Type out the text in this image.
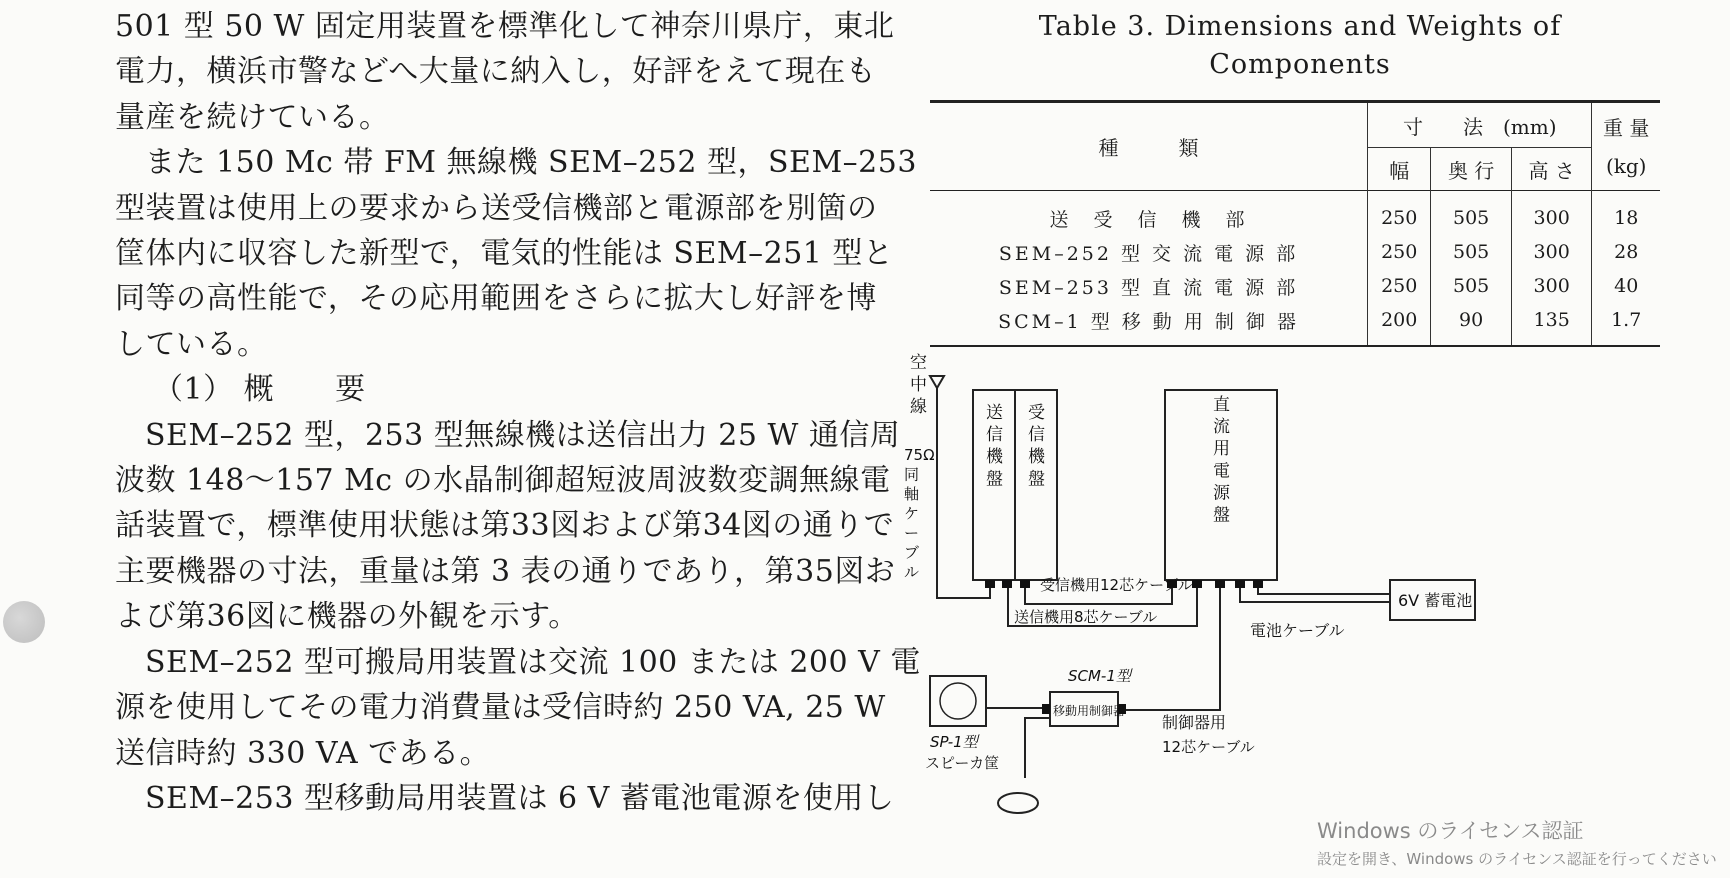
501 型 50 W 固定用装置を標準化して神奈川県庁，東北

電力，横浜市警などへ大量に納入し，好評をえて現在も

量産を続けている。

また 150 Mc 帯 FM 無線機 SEM–252 型，SEM–253

型装置は使用上の要求から送受信機部と電源部を別箇の

筐体内に収容した新型で，電気的性能は SEM–251 型と

同等の高性能で，その応用範囲をさらに拡大し好評を博

している。

（1） 概　　要

SEM–252 型，253 型無線機は送信出力 25 W 通信周

波数 148〜157 Mc の水晶制御超短波周波数変調無線電

話装置で，標準使用状態は第33図および第34図の通りで

主要機器の寸法，重量は第 3 表の通りであり，第35図お

よび第36図に機器の外観を示す。

SEM–252 型可搬局用装置は交流 100 または 200 V 電

源を使用してその電力消費量は受信時約 250 VA, 25 W

送信時約 330 VA である。

SEM–253 型移動局用装置は 6 V 蓄電池電源を使用し

Table 3. Dimensions and Weights of
Components
種　　　類	寸　　法　(mm)			重 量
(kg)
	幅	奥 行	高 さ	
送　受　信　機　部	250	505	300	18
SEM–252 型 交 流 電 源 部	250	505	300	28
SEM–253 型 直 流 電 源 部	250	505	300	40
SCM–1 型 移 動 用 制 御 器	200	90	135	1.7
空中線
75Ω 同軸ケーブル
送信機盤
受信機盤
直流用電源盤
受信機用12芯ケーブル
送信機用8芯ケーブル
6V 蓄電池
電池ケーブル
SCM-1型
移動用制御器
制御器用
12芯ケーブル
SP-1型
スピーカ筐
Windows のライセンス認証
設定を開き、Windows のライセンス認証を行ってください
